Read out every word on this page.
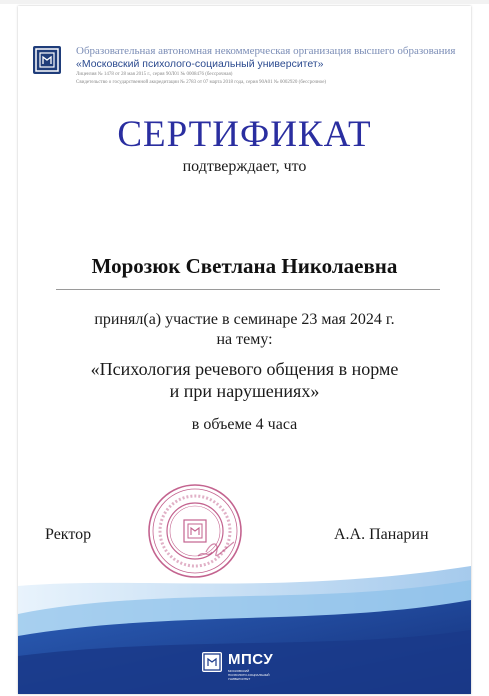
Образовательная автономная некоммерческая организация высшего образования
«Московский психолого-социальный университет»
Лицензия № 1478 от 28 мая 2015 г., серия 90Л01 № 0008476 (бессрочная)
Свидетельство о государственной аккредитации № 2783 от 07 марта 2018 года, серия 90А01 № 0002920 (бессрочное)
СЕРТИФИКАТ
подтверждает, что
Морозюк Светлана Николаевна
принял(а) участие в семинаре 23 мая 2024 г.
на тему:
«Психология речевого общения в норме
и при нарушениях»
в объеме 4 часа
Ректор	А.А. Панарин
МПСУ
МОСКОВСКИЙ
ПСИХОЛОГО-СОЦИАЛЬНЫЙ
УНИВЕРСИТЕТ
